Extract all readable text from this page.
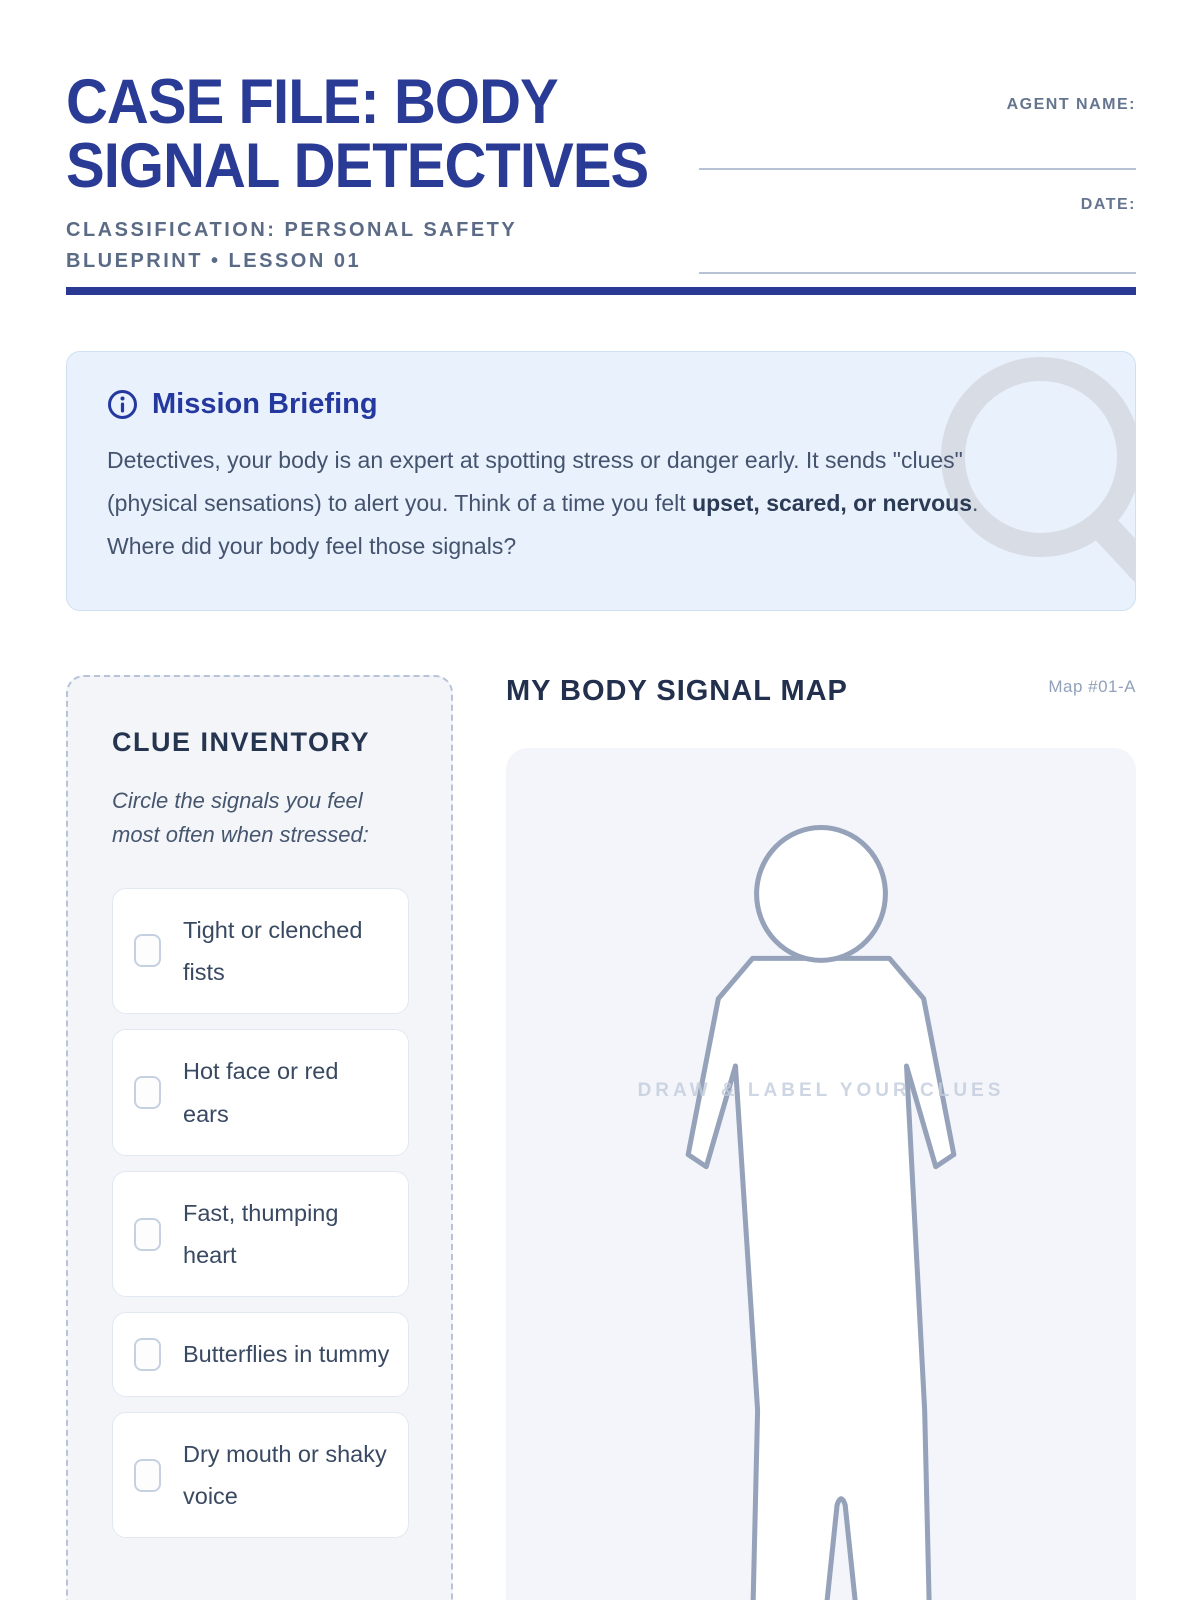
CASE FILE: BODY
SIGNAL DETECTIVES
CLASSIFICATION: PERSONAL SAFETY BLUEPRINT • LESSON 01
AGENT NAME:
DATE:
Mission Briefing
Detectives, your body is an expert at spotting stress or danger early. It sends "clues" (physical sensations) to alert you. Think of a time you felt upset, scared, or nervous. Where did your body feel those signals?
CLUE INVENTORY
Circle the signals you feel most often when stressed:
Tight or clenched fists
Hot face or red ears
Fast, thumping heart
Butterflies in tummy
Dry mouth or shaky voice
MY BODY SIGNAL MAP	Map #01-A
DRAW & LABEL YOUR CLUES
